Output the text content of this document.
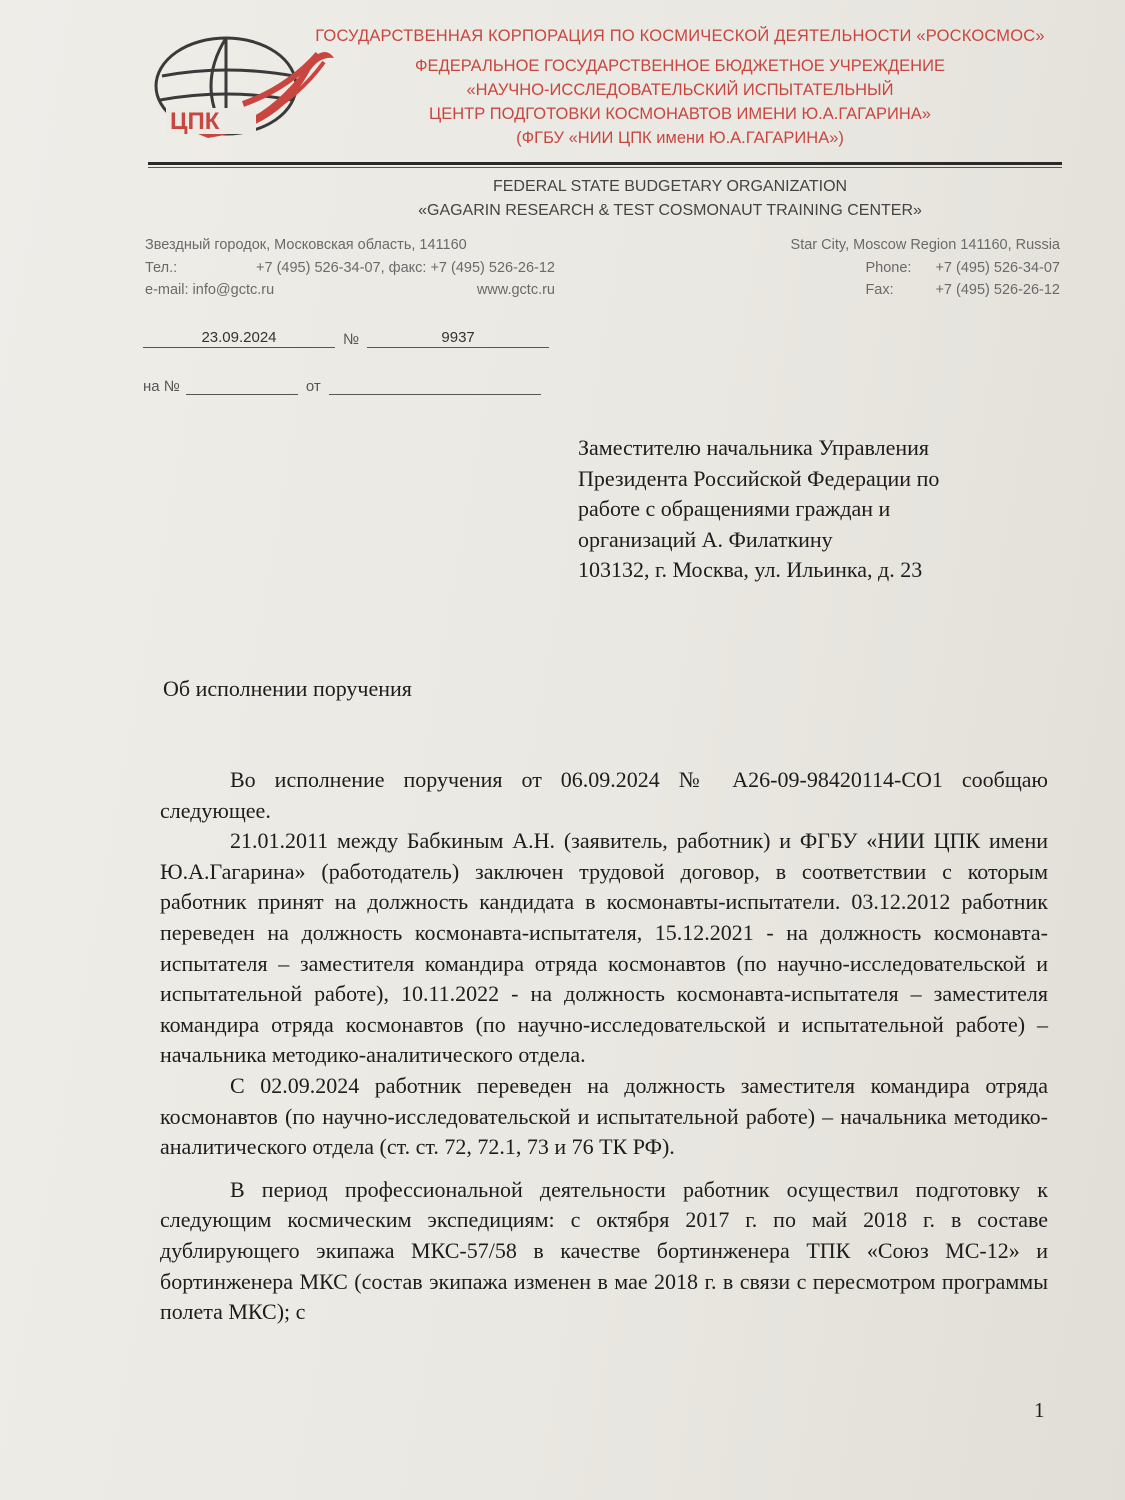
ЦПК
ГОСУДАРСТВЕННАЯ КОРПОРАЦИЯ ПО КОСМИЧЕСКОЙ ДЕЯТЕЛЬНОСТИ «РОСКОСМОС»
ФЕДЕРАЛЬНОЕ ГОСУДАРСТВЕННОЕ БЮДЖЕТНОЕ УЧРЕЖДЕНИЕ
«НАУЧНО-ИССЛЕДОВАТЕЛЬСКИЙ ИСПЫТАТЕЛЬНЫЙ
ЦЕНТР ПОДГОТОВКИ КОСМОНАВТОВ ИМЕНИ Ю.А.ГАГАРИНА»
(ФГБУ «НИИ ЦПК имени Ю.А.ГАГАРИНА»)
FEDERAL STATE BUDGETARY ORGANIZATION
«GAGARIN RESEARCH & TEST COSMONAUT TRAINING CENTER»
Звездный городок, Московская область, 141160
Тел.:	+7 (495) 526-34-07, факс: +7 (495) 526-26-12
e-mail: info@gctc.ru	www.gctc.ru
Star City, Moscow Region 141160, Russia
Phone: +7 (495) 526-34-07
Fax:	+7 (495) 526-26-12
23.09.2024	№	9937
на №
	от

Заместителю начальника Управления
Президента Российской Федерации по
работе с обращениями граждан и
организаций А. Филаткину
103132, г. Москва, ул. Ильинка, д. 23
Об исполнении поручения

Во исполнение поручения от 06.09.2024 № А26-09-98420114-СО1 сообщаю следующее.

21.01.2011 между Бабкиным А.Н. (заявитель, работник) и ФГБУ «НИИ ЦПК имени Ю.А.Гагарина» (работодатель) заключен трудовой договор, в соответствии с которым работник принят на должность кандидата в космонавты-испытатели. 03.12.2012 работник переведен на должность космонавта-испытателя, 15.12.2021 - на должность космонавта-испытателя – заместителя командира отряда космонавтов (по научно-исследовательской и испытательной работе), 10.11.2022 - на должность космонавта-испытателя – заместителя командира отряда космонавтов (по научно-исследовательской и испытательной работе) – начальника методико-аналитического отдела.

С 02.09.2024 работник переведен на должность заместителя командира отряда космонавтов (по научно-исследовательской и испытательной работе) – начальника методико-аналитического отдела (ст. ст. 72, 72.1, 73 и 76 ТК РФ).

В период профессиональной деятельности работник осуществил подготовку к следующим космическим экспедициям: с октября 2017 г. по май 2018 г. в составе дублирующего экипажа МКС-57/58 в качестве бортинженера ТПК «Союз МС-12» и бортинженера МКС (состав экипажа изменен в мае 2018 г. в связи с пересмотром программы полета МКС); с

1
